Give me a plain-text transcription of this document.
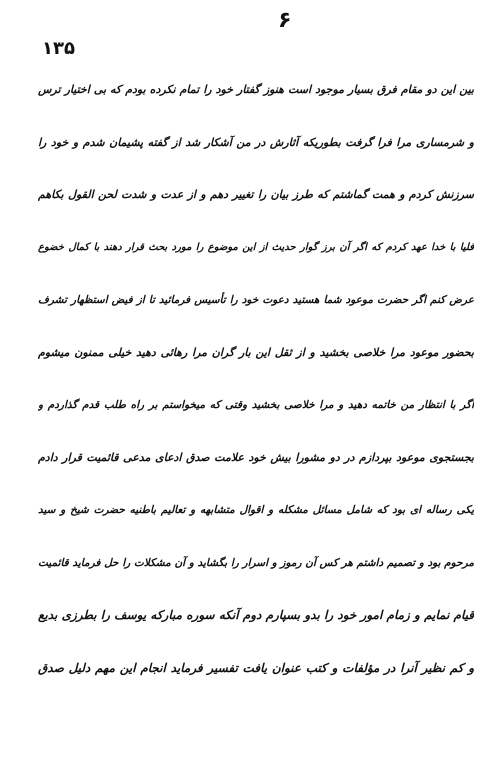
۶
۱۳۵
بین این دو مقام فرق بسیار موجود است هنوز گفتار خود را تمام نکرده بودم که بی اختیار ترس
و شرمساری مرا فرا گرفت بطوریکه آثارش در من آشکار شد از گفته پشیمان شدم و خود را
سرزنش کردم و همت گماشتم که طرز بیان را تغییر دهم و از عدت و شدت لحن القول بکاهم
فلیا با خدا عهد کردم که اگر آن برز گوار حدیث از این موضوع را مورد بحث قرار دهند با کمال خضوع
عرض کنم اگر حضرت موعود شما هستید دعوت خود را تأسیس فرمائید تا از فیض استظهار تشرف
بحضور موعود مرا خلاصی بخشید و از ثقل این بار گران مرا رهائی دهید خیلی ممنون میشوم
اگر با انتظار من خاتمه دهید و مرا خلاصی بخشید وقتی که میخواستم بر راه طلب قدم گذاردم و
بجستجوی موعود بپردازم در دو مشورا بیش خود علامت صدق ادعای مدعی قائمیت قرار دادم
یکی رساله ای بود که شامل مسائل مشکله و اقوال متشابهه و تعالیم باطنیه حضرت شیخ و سید
مرحوم بود و تصمیم داشتم هر کس آن رموز و اسرار را بگشاید و آن مشکلات را حل فرماید قائمیت
قیام نمایم و زمام امور خود را بدو بسپارم دوم آنکه سوره مبارکه یوسف را بطرزی بدیع
و کم نظیر آنرا در مؤلفات و کتب عنوان یافت تفسیر فرماید انجام این مهم دلیل صدق
